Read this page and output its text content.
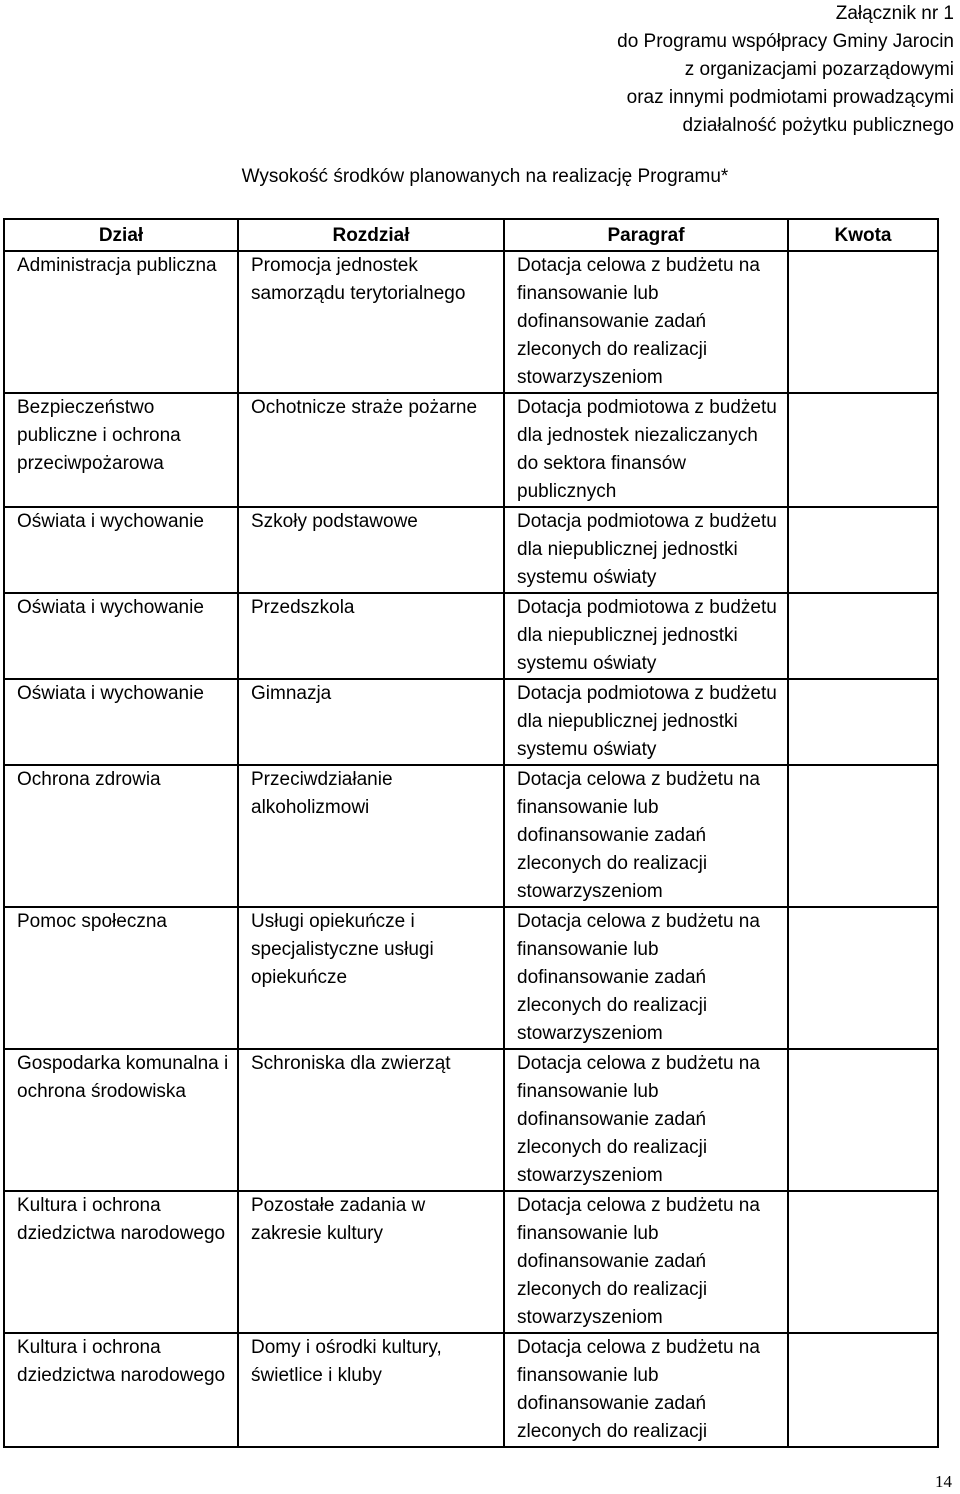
Załącznik nr 1
do Programu współpracy Gminy Jarocin
z organizacjami pozarządowymi
oraz innymi podmiotami prowadzącymi
działalność pożytku publicznego
Wysokość środków planowanych na realizację Programu*
Dział	Rozdział	Paragraf	Kwota
Administracja publiczna	Promocja jednostek samorządu terytorialnego	Dotacja celowa z budżetu na finansowanie lub dofinansowanie zadań zleconych do realizacji stowarzyszeniom	
Bezpieczeństwo publiczne i ochrona przeciwpożarowa	Ochotnicze straże pożarne	Dotacja podmiotowa z budżetu dla jednostek niezaliczanych do sektora finansów publicznych	
Oświata i wychowanie	Szkoły podstawowe	Dotacja podmiotowa z budżetu dla niepublicznej jednostki systemu oświaty	
Oświata i wychowanie	Przedszkola	Dotacja podmiotowa z budżetu dla niepublicznej jednostki systemu oświaty	
Oświata i wychowanie	Gimnazja	Dotacja podmiotowa z budżetu dla niepublicznej jednostki systemu oświaty	
Ochrona zdrowia	Przeciwdziałanie alkoholizmowi	Dotacja celowa z budżetu na finansowanie lub dofinansowanie zadań zleconych do realizacji stowarzyszeniom	
Pomoc społeczna	Usługi opiekuńcze i specjalistyczne usługi opiekuńcze	Dotacja celowa z budżetu na finansowanie lub dofinansowanie zadań zleconych do realizacji stowarzyszeniom	
Gospodarka komunalna i ochrona środowiska	Schroniska dla zwierząt	Dotacja celowa z budżetu na finansowanie lub dofinansowanie zadań zleconych do realizacji stowarzyszeniom	
Kultura i ochrona dziedzictwa narodowego	Pozostałe zadania w zakresie kultury	Dotacja celowa z budżetu na finansowanie lub dofinansowanie zadań zleconych do realizacji stowarzyszeniom	
Kultura i ochrona dziedzictwa narodowego	Domy i ośrodki kultury, świetlice i kluby	Dotacja celowa z budżetu na finansowanie lub dofinansowanie zadań zleconych do realizacji	
14
